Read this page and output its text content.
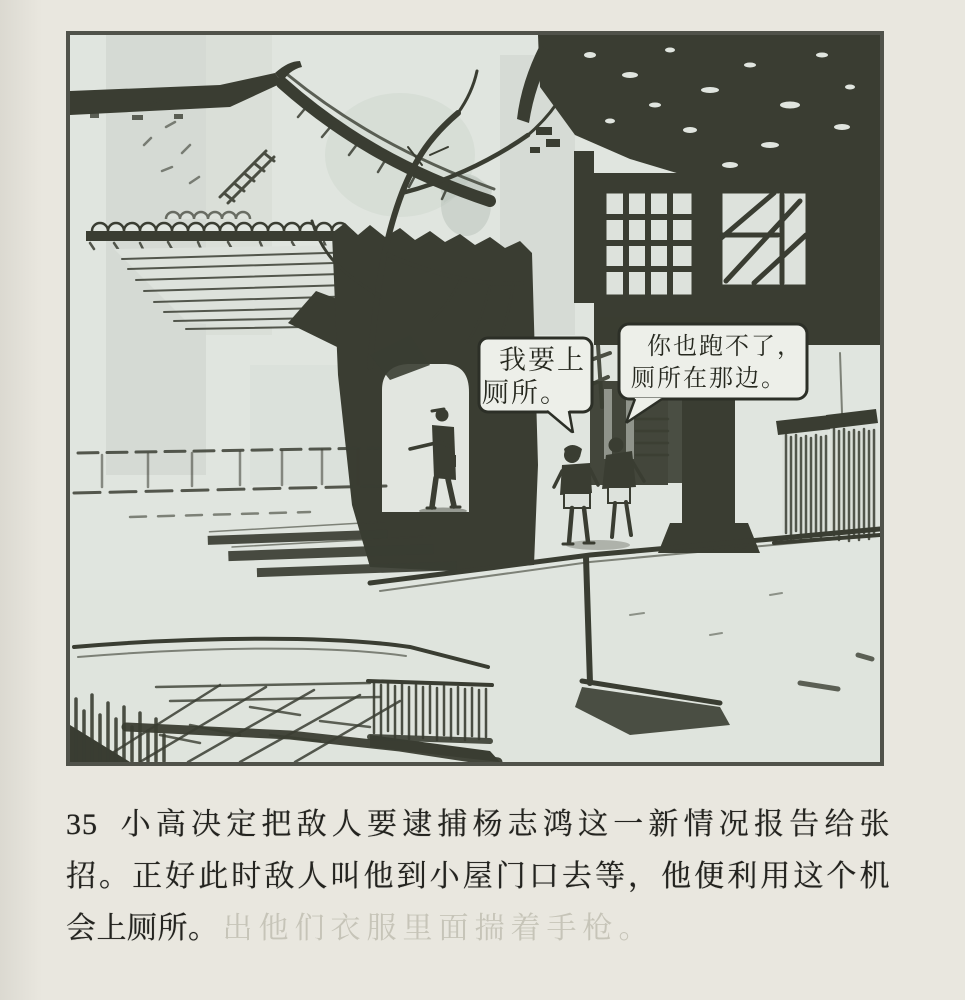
我要上
厕所。
你也跑不了，
厕所在那边。
35 小高决定把敌人要逮捕杨志鸿这一新情况报告给张
招。正好此时敌人叫他到小屋门口去等，他便利用这个机
会上厕所。 出他们衣服里面揣着手枪。
